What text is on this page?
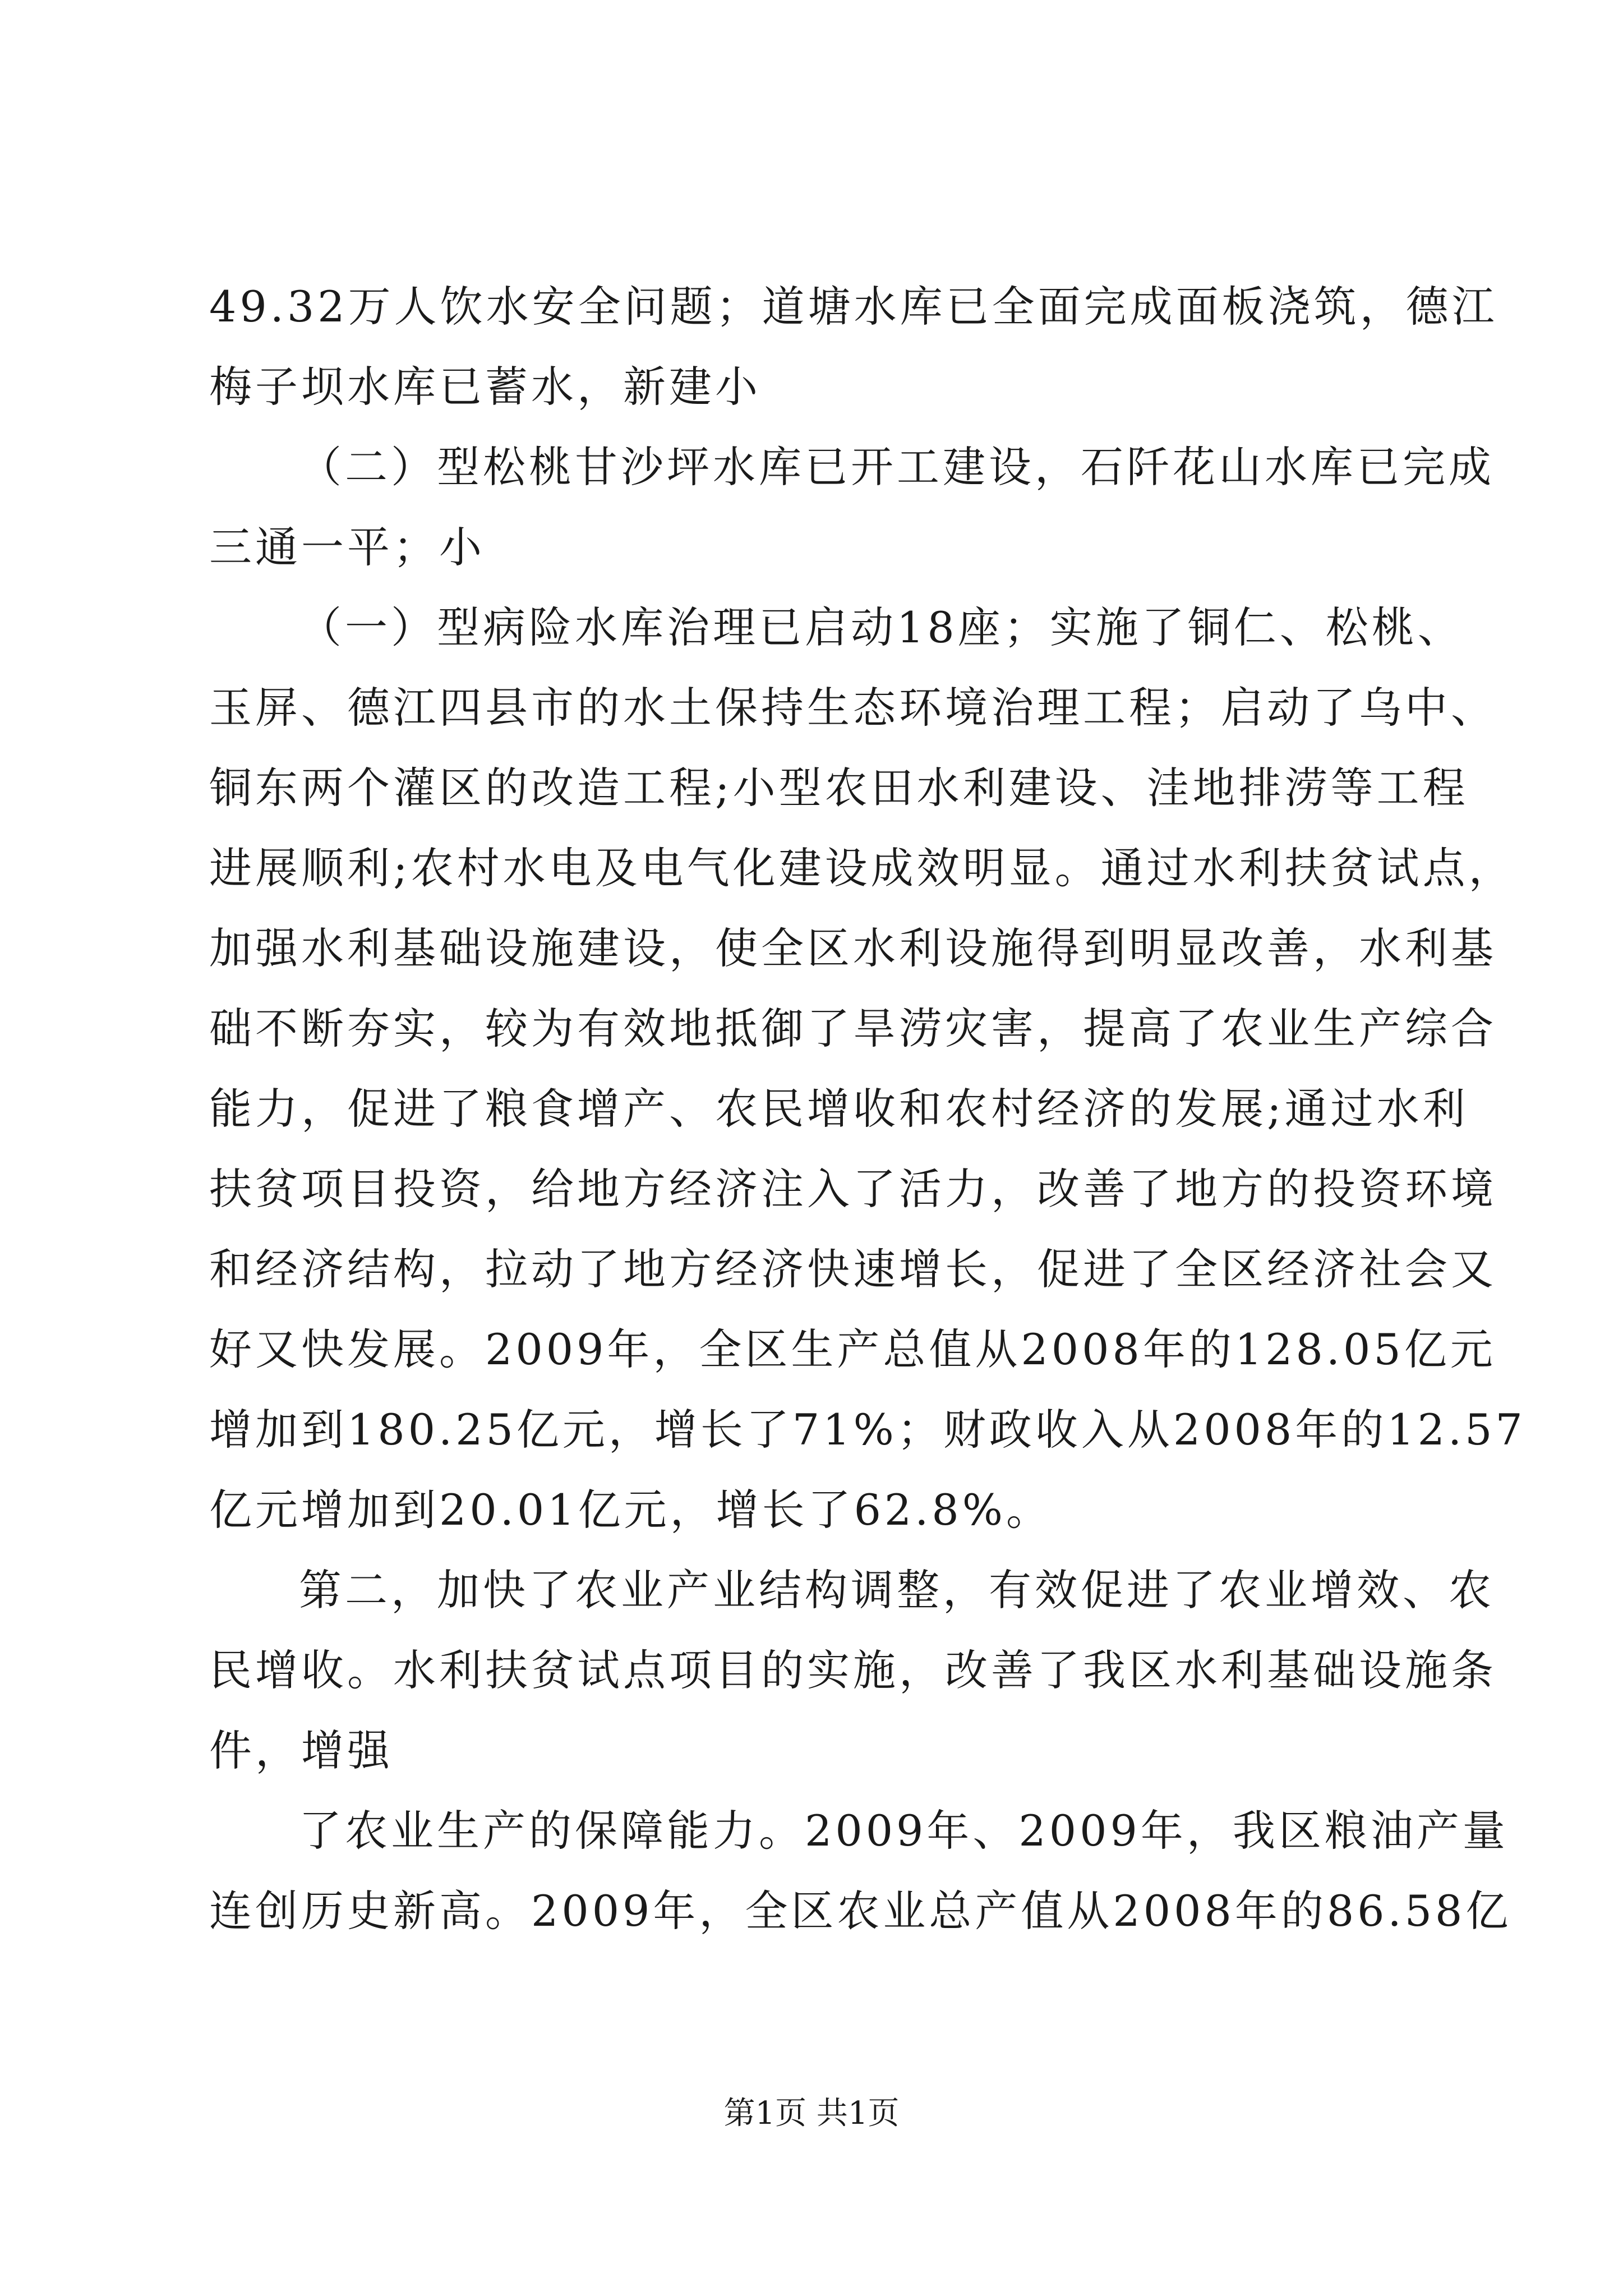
49.32万人饮水安全问题；道塘水库已全面完成面板浇筑，德江
梅子坝水库已蓄水，新建小
（二）型松桃甘沙坪水库已开工建设，石阡花山水库已完成
三通一平；小
（一）型病险水库治理已启动18座；实施了铜仁、松桃、
玉屏、德江四县市的水土保持生态环境治理工程；启动了乌中、
铜东两个灌区的改造工程;小型农田水利建设、洼地排涝等工程
进展顺利;农村水电及电气化建设成效明显。通过水利扶贫试点，
加强水利基础设施建设，使全区水利设施得到明显改善，水利基
础不断夯实，较为有效地抵御了旱涝灾害，提高了农业生产综合
能力，促进了粮食增产、农民增收和农村经济的发展;通过水利
扶贫项目投资，给地方经济注入了活力，改善了地方的投资环境
和经济结构，拉动了地方经济快速增长，促进了全区经济社会又
好又快发展。2009年，全区生产总值从2008年的128.05亿元
增加到180.25亿元，增长了71%；财政收入从2008年的12.57
亿元增加到20.01亿元，增长了62.8%。
第二，加快了农业产业结构调整，有效促进了农业增效、农
民增收。水利扶贫试点项目的实施，改善了我区水利基础设施条
件，增强
了农业生产的保障能力。2009年、2009年，我区粮油产量
连创历史新高。2009年，全区农业总产值从2008年的86.58亿
第1页 共1页
